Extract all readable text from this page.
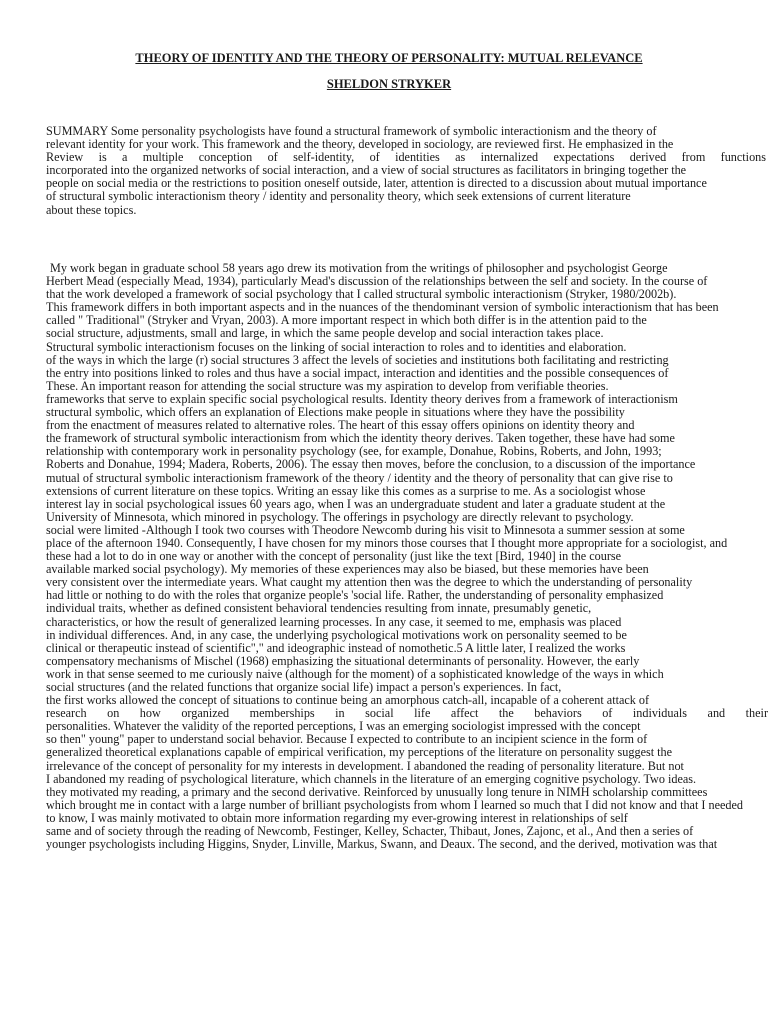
THEORY OF IDENTITY AND THE THEORY OF PERSONALITY: MUTUAL RELEVANCE
SHELDON STRYKER
SUMMARY Some personality psychologists have found a structural framework of symbolic interactionism and the theory of
relevant identity for your work. This framework and the theory, developed in sociology, are reviewed first. He emphasized in the
Review is a multiple conception of self-identity, of identities as internalized expectations derived from functions
incorporated into the organized networks of social interaction, and a view of social structures as facilitators in bringing together the
people on social media or the restrictions to position oneself outside, later, attention is directed to a discussion about mutual importance
of structural symbolic interactionism theory / identity and personality theory, which seek extensions of current literature
about these topics.
My work began in graduate school 58 years ago drew its motivation from the writings of philosopher and psychologist George
Herbert Mead (especially Mead, 1934), particularly Mead's discussion of the relationships between the self and society. In the course of
that the work developed a framework of social psychology that I called structural symbolic interactionism (Stryker, 1980/2002b).
This framework differs in both important aspects and in the nuances of the thendominant version of symbolic interactionism that has been
called " Traditional" (Stryker and Vryan, 2003). A more important respect in which both differ is in the attention paid to the
social structure, adjustments, small and large, in which the same people develop and social interaction takes place.
Structural symbolic interactionism focuses on the linking of social interaction to roles and to identities and elaboration.
of the ways in which the large (r) social structures 3 affect the levels of societies and institutions both facilitating and restricting
the entry into positions linked to roles and thus have a social impact, interaction and identities and the possible consequences of
These. An important reason for attending the social structure was my aspiration to develop from verifiable theories.
frameworks that serve to explain specific social psychological results. Identity theory derives from a framework of interactionism
structural symbolic, which offers an explanation of Elections make people in situations where they have the possibility
from the enactment of measures related to alternative roles. The heart of this essay offers opinions on identity theory and
the framework of structural symbolic interactionism from which the identity theory derives. Taken together, these have had some
relationship with contemporary work in personality psychology (see, for example, Donahue, Robins, Roberts, and John, 1993;
Roberts and Donahue, 1994; Madera, Roberts, 2006). The essay then moves, before the conclusion, to a discussion of the importance
mutual of structural symbolic interactionism framework of the theory / identity and the theory of personality that can give rise to
extensions of current literature on these topics. Writing an essay like this comes as a surprise to me. As a sociologist whose
interest lay in social psychological issues 60 years ago, when I was an undergraduate student and later a graduate student at the
University of Minnesota, which minored in psychology. The offerings in psychology are directly relevant to psychology.
social were limited -Although I took two courses with Theodore Newcomb during his visit to Minnesota a summer session at some
place of the afternoon 1940. Consequently, I have chosen for my minors those courses that I thought more appropriate for a sociologist, and
these had a lot to do in one way or another with the concept of personality (just like the text [Bird, 1940] in the course
available marked social psychology). My memories of these experiences may also be biased, but these memories have been
very consistent over the intermediate years. What caught my attention then was the degree to which the understanding of personality
had little or nothing to do with the roles that organize people's 'social life. Rather, the understanding of personality emphasized
individual traits, whether as defined consistent behavioral tendencies resulting from innate, presumably genetic,
characteristics, or how the result of generalized learning processes. In any case, it seemed to me, emphasis was placed
in individual differences. And, in any case, the underlying psychological motivations work on personality seemed to be
clinical or therapeutic instead of scientific"," and ideographic instead of nomothetic.5 A little later, I realized the works
compensatory mechanisms of Mischel (1968) emphasizing the situational determinants of personality. However, the early
work in that sense seemed to me curiously naive (although for the moment) of a sophisticated knowledge of the ways in which
social structures (and the related functions that organize social life) impact a person's experiences. In fact,
the first works allowed the concept of situations to continue being an amorphous catch-all, incapable of a coherent attack of
research on how organized memberships in social life affect the behaviors of individuals and their
personalities. Whatever the validity of the reported perceptions, I was an emerging sociologist impressed with the concept
so then" young" paper to understand social behavior. Because I expected to contribute to an incipient science in the form of
generalized theoretical explanations capable of empirical verification, my perceptions of the literature on personality suggest the
irrelevance of the concept of personality for my interests in development. I abandoned the reading of personality literature. But not
I abandoned my reading of psychological literature, which channels in the literature of an emerging cognitive psychology. Two ideas.
they motivated my reading, a primary and the second derivative. Reinforced by unusually long tenure in NIMH scholarship committees
which brought me in contact with a large number of brilliant psychologists from whom I learned so much that I did not know and that I needed
to know, I was mainly motivated to obtain more information regarding my ever-growing interest in relationships of self
same and of society through the reading of Newcomb, Festinger, Kelley, Schacter, Thibaut, Jones, Zajonc, et al., And then a series of
younger psychologists including Higgins, Snyder, Linville, Markus, Swann, and Deaux. The second, and the derived, motivation was that
